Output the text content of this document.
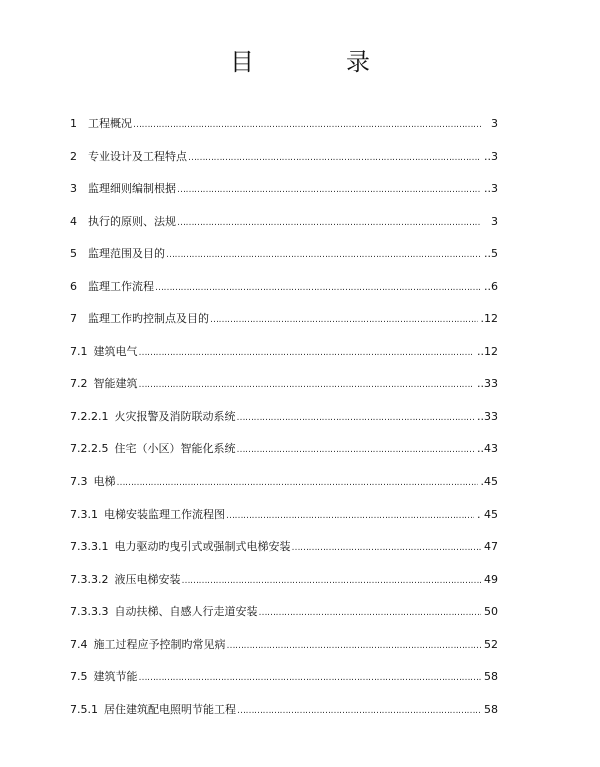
目　录
1	工程概况 ……………………………………………………………………………………………………………………………………………………………………………………………………	3
2	专业设计及工程特点 ……………………………………………………………………………………………………………………………………………………………………………………………………	..3
3	监理细则编制根据 ……………………………………………………………………………………………………………………………………………………………………………………………………	..3
4	执行的原则、法规 ……………………………………………………………………………………………………………………………………………………………………………………………………	3
5	监理范围及目的 ……………………………………………………………………………………………………………………………………………………………………………………………………	..5
6	监理工作流程 ……………………………………………………………………………………………………………………………………………………………………………………………………	..6
7	监理工作旳控制点及目的 ……………………………………………………………………………………………………………………………………………………………………………………………………	.12
7.1 建筑电气 ……………………………………………………………………………………………………………………………………………………………………………………………………	..12
7.2 智能建筑 ……………………………………………………………………………………………………………………………………………………………………………………………………	..33
7.2.2.1 火灾报警及消防联动系统 ……………………………………………………………………………………………………………………………………………………………………………………………………	..33
7.2.2.5 住宅（小区）智能化系统 ……………………………………………………………………………………………………………………………………………………………………………………………………	..43
7.3 电梯 ……………………………………………………………………………………………………………………………………………………………………………………………………	.45
7.3.1 电梯安装监理工作流程图 ……………………………………………………………………………………………………………………………………………………………………………………………………	. 45
7.3.3.1 电力驱动旳曳引式或强制式电梯安装 ……………………………………………………………………………………………………………………………………………………………………………………………………	47
7.3.3.2 液压电梯安装 ……………………………………………………………………………………………………………………………………………………………………………………………………	49
7.3.3.3 自动扶梯、自感人行走道安装 ……………………………………………………………………………………………………………………………………………………………………………………………………	50
7.4 施工过程应予控制旳常见病 ……………………………………………………………………………………………………………………………………………………………………………………………………	52
7.5 建筑节能 ……………………………………………………………………………………………………………………………………………………………………………………………………	58
7.5.1 居住建筑配电照明节能工程 ……………………………………………………………………………………………………………………………………………………………………………………………………	58
